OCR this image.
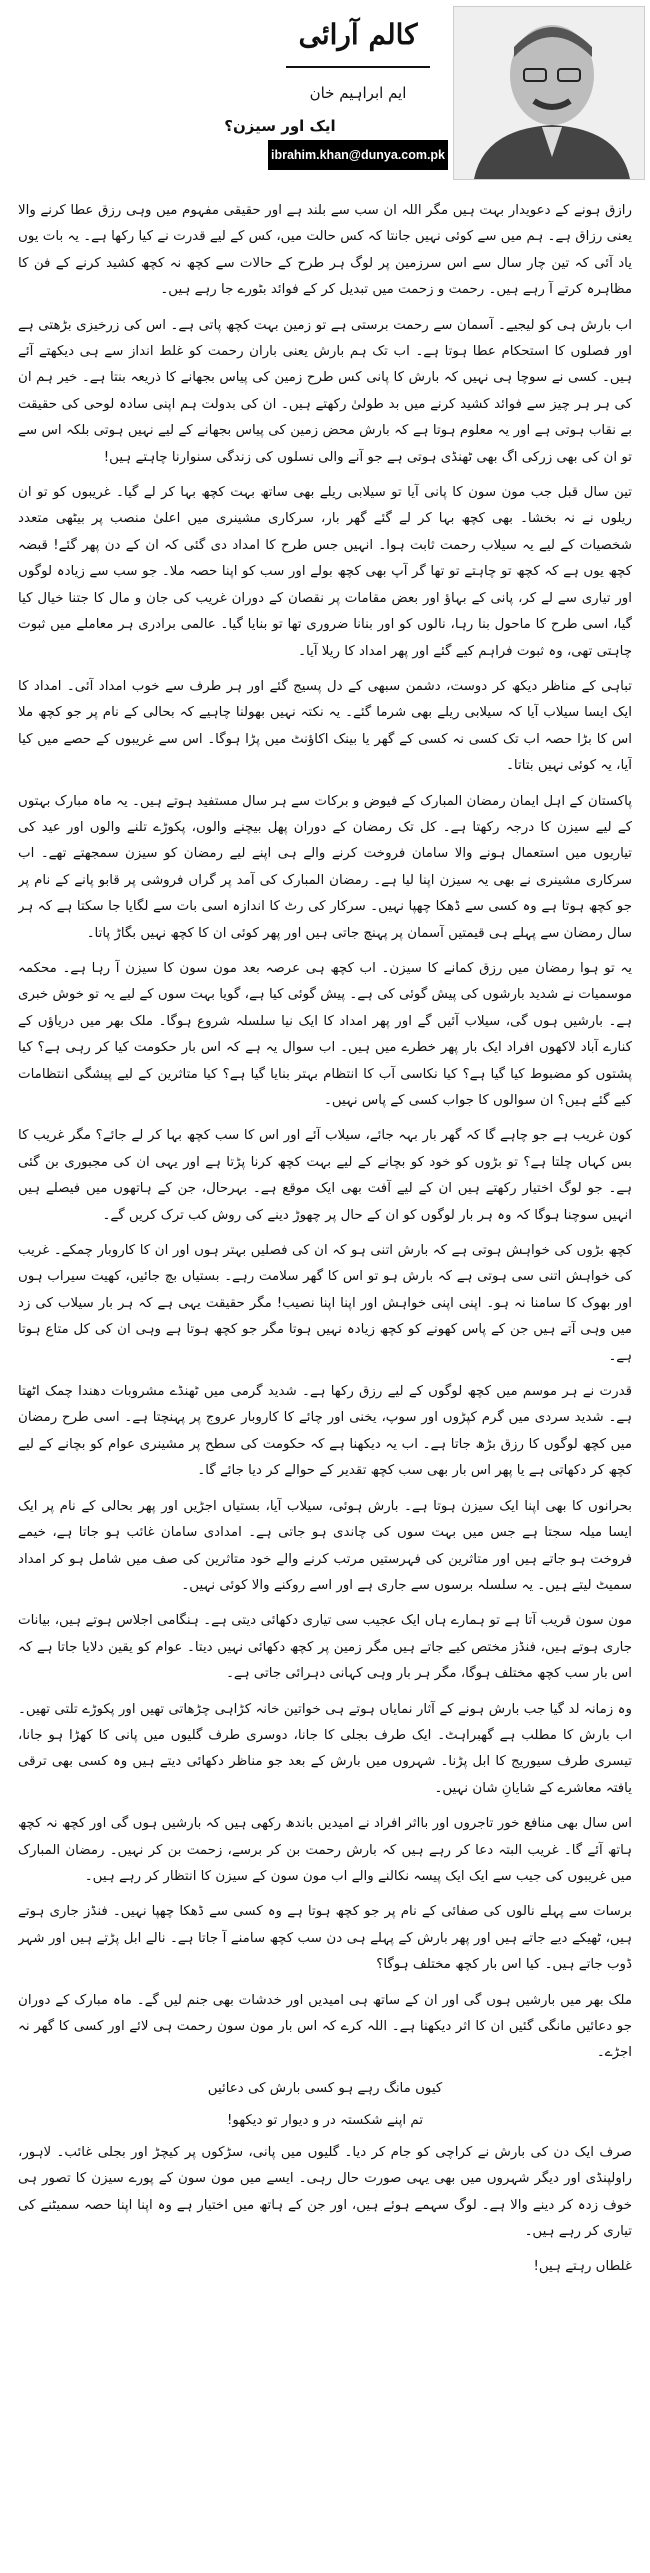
کالم آرائی
ایم ابراہیم خان
ibrahim.khan@dunya.com.pk
ایک اور سیزن؟

رازق ہونے کے دعویدار بہت ہیں مگر اللہ ان سب سے بلند ہے اور حقیقی مفہوم میں وہی رزق عطا کرنے والا یعنی رزاق ہے۔ ہم میں سے کوئی نہیں جانتا کہ کس حالت میں، کس کے لیے قدرت نے کیا رکھا ہے۔ یہ بات یوں یاد آئی کہ تین چار سال سے اس سرزمین پر لوگ ہر طرح کے حالات سے کچھ نہ کچھ کشید کرنے کے فن کا مظاہرہ کرتے آ رہے ہیں۔ رحمت و زحمت میں تبدیل کر کے فوائد بٹورے جا رہے ہیں۔

اب بارش ہی کو لیجیے۔ آسمان سے رحمت برستی ہے تو زمین بہت کچھ پاتی ہے۔ اس کی زرخیزی بڑھتی ہے اور فصلوں کا استحکام عطا ہوتا ہے۔ اب تک ہم بارش یعنی باران رحمت کو غلط انداز سے ہی دیکھتے آئے ہیں۔ کسی نے سوچا ہی نہیں کہ بارش کا پانی کس طرح زمین کی پیاس بجھانے کا ذریعہ بنتا ہے۔ خیر ہم ان کی ہر ہر چیز سے فوائد کشید کرنے میں بد طولیٰ رکھتے ہیں۔ ان کی بدولت ہم اپنی سادہ لوحی کی حقیقت بے نقاب ہوتی ہے اور یہ معلوم ہوتا ہے کہ بارش محض زمین کی پیاس بجھانے کے لیے نہیں ہوتی بلکہ اس سے تو ان کی بھی زرکی اگ بھی ٹھنڈی ہوتی ہے جو آنے والی نسلوں کی زندگی سنوارنا چاہتے ہیں!

تین سال قبل جب مون سون کا پانی آیا تو سیلابی ریلے بھی ساتھ بہت کچھ بہا کر لے گیا۔ غریبوں کو تو ان ریلوں نے نہ بخشا۔ بھی کچھ بہا کر لے گئے گھر بار، سرکاری مشینری میں اعلیٰ منصب پر بیٹھی متعدد شخصیات کے لیے یہ سیلاب رحمت ثابت ہوا۔ انہیں جس طرح کا امداد دی گئی کہ ان کے دن پھر گئے! قبضہ کچھ یوں ہے کہ کچھ تو چاہتے تو تھا گر آپ بھی کچھ بولے اور سب کو اپنا حصہ ملا۔ جو سب سے زیادہ لوگوں اور تیاری سے لے کر، پانی کے بہاؤ اور بعض مقامات پر نقصان کے دوران غریب کی جان و مال کا جتنا خیال کیا گیا، اسی طرح کا ماحول بنا رہا، نالوں کو اور بنانا ضروری تھا تو بنایا گیا۔ عالمی برادری ہر معاملے میں ثبوت چاہتی تھی، وہ ثبوت فراہم کیے گئے اور پھر امداد کا ریلا آیا۔

تباہی کے مناظر دیکھ کر دوست، دشمن سبھی کے دل پسیج گئے اور ہر طرف سے خوب امداد آئی۔ امداد کا ایک ایسا سیلاب آیا کہ سیلابی ریلے بھی شرما گئے۔ یہ نکتہ نہیں بھولنا چاہیے کہ بحالی کے نام پر جو کچھ ملا اس کا بڑا حصہ اب تک کسی نہ کسی کے گھر یا بینک اکاؤنٹ میں پڑا ہوگا۔ اس سے غریبوں کے حصے میں کیا آیا، یہ کوئی نہیں بتاتا۔

پاکستان کے اہل ایمان رمضان المبارک کے فیوض و برکات سے ہر سال مستفید ہوتے ہیں۔ یہ ماہ مبارک بہتوں کے لیے سیزن کا درجہ رکھتا ہے۔ کل تک رمضان کے دوران پھل بیچنے والوں، پکوڑے تلنے والوں اور عید کی تیاریوں میں استعمال ہونے والا سامان فروخت کرنے والے ہی اپنے لیے رمضان کو سیزن سمجھتے تھے۔ اب سرکاری مشینری نے بھی یہ سیزن اپنا لیا ہے۔ رمضان المبارک کی آمد پر گراں فروشی پر قابو پانے کے نام پر جو کچھ ہوتا ہے وہ کسی سے ڈھکا چھپا نہیں۔ سرکار کی رٹ کا اندازہ اسی بات سے لگایا جا سکتا ہے کہ ہر سال رمضان سے پہلے ہی قیمتیں آسمان پر پہنچ جاتی ہیں اور پھر کوئی ان کا کچھ نہیں بگاڑ پاتا۔

یہ تو ہوا رمضان میں رزق کمانے کا سیزن۔ اب کچھ ہی عرصہ بعد مون سون کا سیزن آ رہا ہے۔ محکمہ موسمیات نے شدید بارشوں کی پیش گوئی کی ہے۔ پیش گوئی کیا ہے، گویا بہت سوں کے لیے یہ تو خوش خبری ہے۔ بارشیں ہوں گی، سیلاب آئیں گے اور پھر امداد کا ایک نیا سلسلہ شروع ہوگا۔ ملک بھر میں دریاؤں کے کنارے آباد لاکھوں افراد ایک بار پھر خطرے میں ہیں۔ اب سوال یہ ہے کہ اس بار حکومت کیا کر رہی ہے؟ کیا پشتوں کو مضبوط کیا گیا ہے؟ کیا نکاسی آب کا انتظام بہتر بنایا گیا ہے؟ کیا متاثرین کے لیے پیشگی انتظامات کیے گئے ہیں؟ ان سوالوں کا جواب کسی کے پاس نہیں۔

کون غریب ہے جو چاہے گا کہ گھر بار بہہ جائے، سیلاب آئے اور اس کا سب کچھ بہا کر لے جائے؟ مگر غریب کا بس کہاں چلتا ہے؟ تو بڑوں کو خود کو بچانے کے لیے بہت کچھ کرنا پڑتا ہے اور یہی ان کی مجبوری بن گئی ہے۔ جو لوگ اختیار رکھتے ہیں ان کے لیے آفت بھی ایک موقع ہے۔ بہرحال، جن کے ہاتھوں میں فیصلے ہیں انہیں سوچنا ہوگا کہ وہ ہر بار لوگوں کو ان کے حال پر چھوڑ دینے کی روش کب ترک کریں گے۔

کچھ بڑوں کی خواہش ہوتی ہے کہ بارش اتنی ہو کہ ان کی فصلیں بہتر ہوں اور ان کا کاروبار چمکے۔ غریب کی خواہش اتنی سی ہوتی ہے کہ بارش ہو تو اس کا گھر سلامت رہے۔ بستیاں بچ جائیں، کھیت سیراب ہوں اور بھوک کا سامنا نہ ہو۔ اپنی اپنی خواہش اور اپنا اپنا نصیب! مگر حقیقت یہی ہے کہ ہر بار سیلاب کی زد میں وہی آتے ہیں جن کے پاس کھونے کو کچھ زیادہ نہیں ہوتا مگر جو کچھ ہوتا ہے وہی ان کی کل متاع ہوتا ہے۔

قدرت نے ہر موسم میں کچھ لوگوں کے لیے رزق رکھا ہے۔ شدید گرمی میں ٹھنڈے مشروبات دھندا چمک اٹھتا ہے۔ شدید سردی میں گرم کپڑوں اور سوپ، یخنی اور چائے کا کاروبار عروج پر پہنچتا ہے۔ اسی طرح رمضان میں کچھ لوگوں کا رزق بڑھ جاتا ہے۔ اب یہ دیکھنا ہے کہ حکومت کی سطح پر مشینری عوام کو بچانے کے لیے کچھ کر دکھاتی ہے یا پھر اس بار بھی سب کچھ تقدیر کے حوالے کر دیا جائے گا۔

بحرانوں کا بھی اپنا ایک سیزن ہوتا ہے۔ بارش ہوئی، سیلاب آیا، بستیاں اجڑیں اور پھر بحالی کے نام پر ایک ایسا میلہ سجتا ہے جس میں بہت سوں کی چاندی ہو جاتی ہے۔ امدادی سامان غائب ہو جاتا ہے، خیمے فروخت ہو جاتے ہیں اور متاثرین کی فہرستیں مرتب کرنے والے خود متاثرین کی صف میں شامل ہو کر امداد سمیٹ لیتے ہیں۔ یہ سلسلہ برسوں سے جاری ہے اور اسے روکنے والا کوئی نہیں۔

مون سون قریب آتا ہے تو ہمارے ہاں ایک عجیب سی تیاری دکھائی دیتی ہے۔ ہنگامی اجلاس ہوتے ہیں، بیانات جاری ہوتے ہیں، فنڈز مختص کیے جاتے ہیں مگر زمین پر کچھ دکھائی نہیں دیتا۔ عوام کو یقین دلایا جاتا ہے کہ اس بار سب کچھ مختلف ہوگا، مگر ہر بار وہی کہانی دہرائی جاتی ہے۔

وہ زمانہ لد گیا جب بارش ہونے کے آثار نمایاں ہوتے ہی خواتین خانہ کڑاہی چڑھاتی تھیں اور پکوڑے تلتی تھیں۔ اب بارش کا مطلب ہے گھبراہٹ۔ ایک طرف بجلی کا جانا، دوسری طرف گلیوں میں پانی کا کھڑا ہو جانا، تیسری طرف سیوریج کا ابل پڑنا۔ شہروں میں بارش کے بعد جو مناظر دکھائی دیتے ہیں وہ کسی بھی ترقی یافتہ معاشرے کے شایانِ شان نہیں۔

اس سال بھی منافع خور تاجروں اور بااثر افراد نے امیدیں باندھ رکھی ہیں کہ بارشیں ہوں گی اور کچھ نہ کچھ ہاتھ آئے گا۔ غریب البتہ دعا کر رہے ہیں کہ بارش رحمت بن کر برسے، زحمت بن کر نہیں۔ رمضان المبارک میں غریبوں کی جیب سے ایک ایک پیسہ نکالنے والے اب مون سون کے سیزن کا انتظار کر رہے ہیں۔

برسات سے پہلے نالوں کی صفائی کے نام پر جو کچھ ہوتا ہے وہ کسی سے ڈھکا چھپا نہیں۔ فنڈز جاری ہوتے ہیں، ٹھیکے دیے جاتے ہیں اور پھر بارش کے پہلے ہی دن سب کچھ سامنے آ جاتا ہے۔ نالے ابل پڑتے ہیں اور شہر ڈوب جاتے ہیں۔ کیا اس بار کچھ مختلف ہوگا؟

ملک بھر میں بارشیں ہوں گی اور ان کے ساتھ ہی امیدیں اور خدشات بھی جنم لیں گے۔ ماہ مبارک کے دوران جو دعائیں مانگی گئیں ان کا اثر دیکھنا ہے۔ اللہ کرے کہ اس بار مون سون رحمت ہی لائے اور کسی کا گھر نہ اجڑے۔

کیوں مانگ رہے ہو کسی بارش کی دعائیں

تم اپنے شکستہ در و دیوار تو دیکھو!

صرف ایک دن کی بارش نے کراچی کو جام کر دیا۔ گلیوں میں پانی، سڑکوں پر کیچڑ اور بجلی غائب۔ لاہور، راولپنڈی اور دیگر شہروں میں بھی یہی صورت حال رہی۔ ایسے میں مون سون کے پورے سیزن کا تصور ہی خوف زدہ کر دینے والا ہے۔ لوگ سہمے ہوئے ہیں، اور جن کے ہاتھ میں اختیار ہے وہ اپنا اپنا حصہ سمیٹنے کی تیاری کر رہے ہیں۔

غلطاں رہتے ہیں!
